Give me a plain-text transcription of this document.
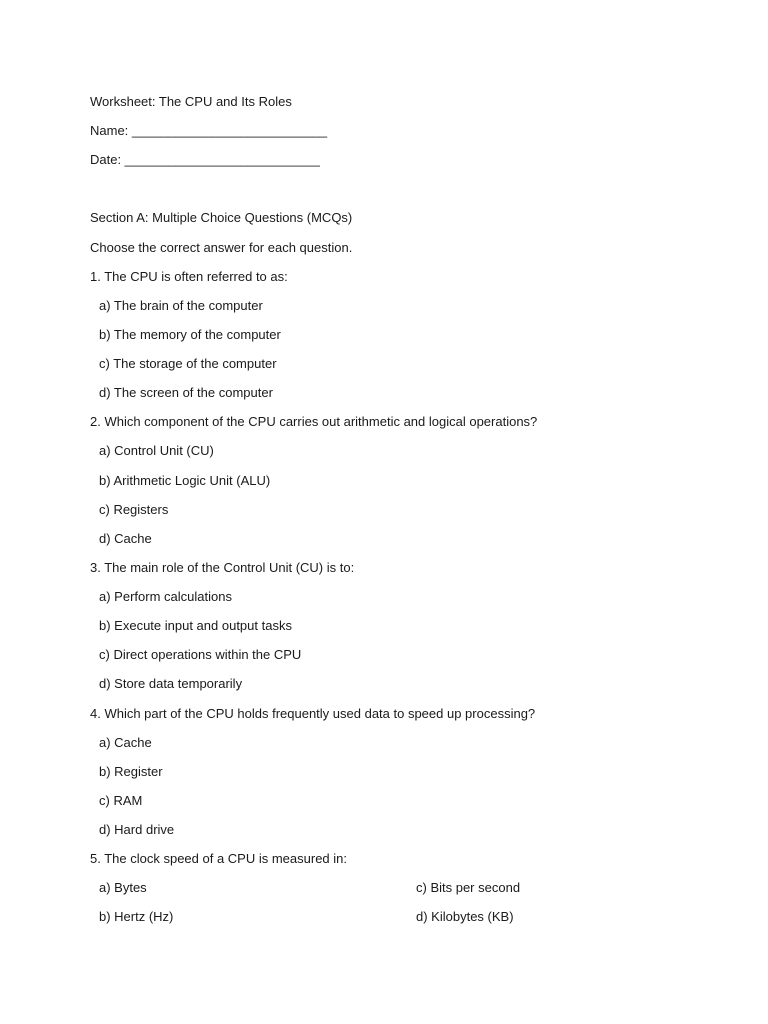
Worksheet: The CPU and Its Roles
Name: ___________________________
Date: ___________________________
Section A: Multiple Choice Questions (MCQs)
Choose the correct answer for each question.
1. The CPU is often referred to as:
a) The brain of the computer
b) The memory of the computer
c) The storage of the computer
d) The screen of the computer
2. Which component of the CPU carries out arithmetic and logical operations?
a) Control Unit (CU)
b) Arithmetic Logic Unit (ALU)
c) Registers
d) Cache
3. The main role of the Control Unit (CU) is to:
a) Perform calculations
b) Execute input and output tasks
c) Direct operations within the CPU
d) Store data temporarily
4. Which part of the CPU holds frequently used data to speed up processing?
a) Cache
b) Register
c) RAM
d) Hard drive
5. The clock speed of a CPU is measured in:
a) Bytes
b) Hertz (Hz)
c) Bits per second
d) Kilobytes (KB)
